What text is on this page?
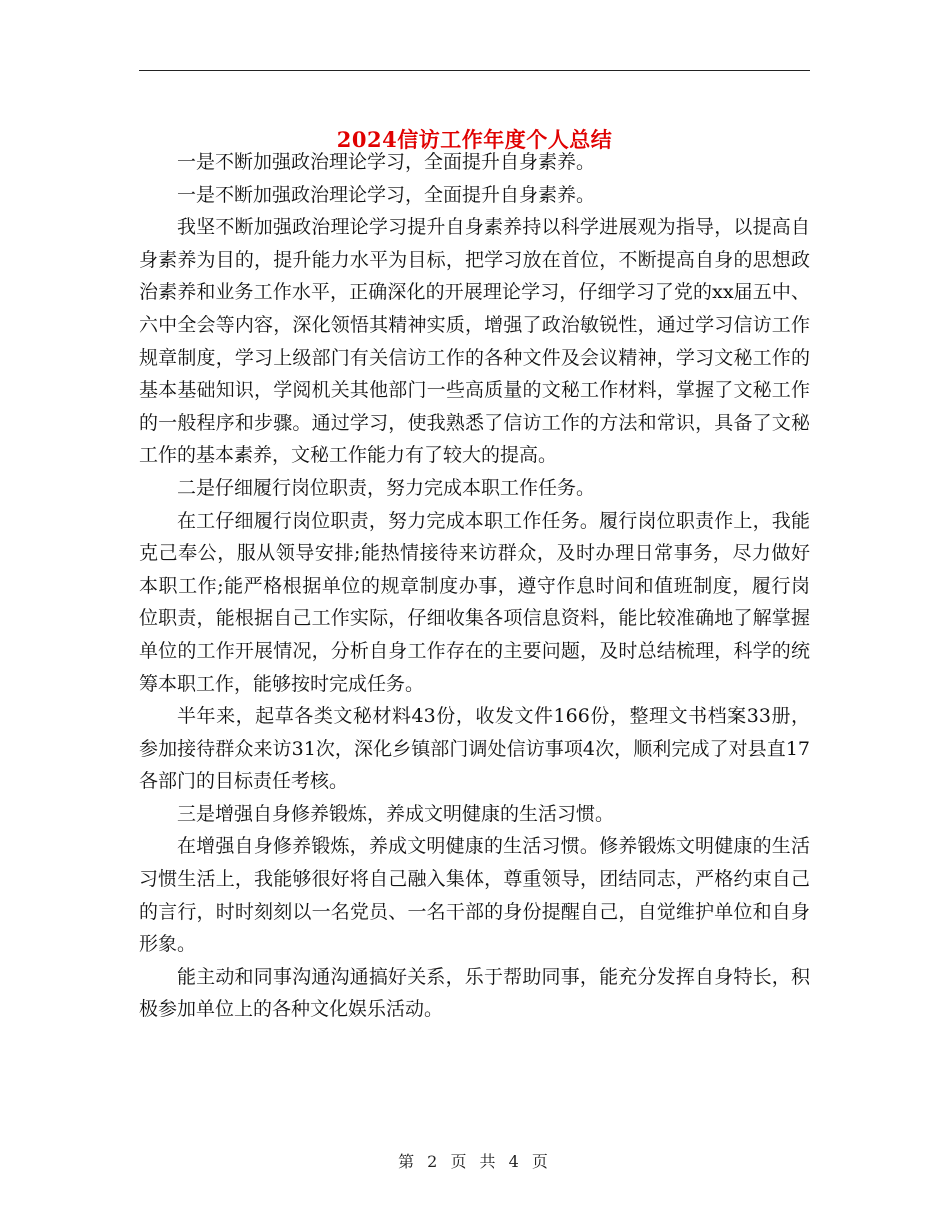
2024信访工作年度个人总结

一是不断加强政治理论学习，全面提升自身素养。

一是不断加强政治理论学习，全面提升自身素养。

我坚不断加强政治理论学习提升自身素养持以科学进展观为指导，以提高自身素养为目的，提升能力水平为目标，把学习放在首位，不断提高自身的思想政治素养和业务工作水平，正确深化的开展理论学习，仔细学习了党的xx届五中、六中全会等内容，深化领悟其精神实质，增强了政治敏锐性，通过学习信访工作规章制度，学习上级部门有关信访工作的各种文件及会议精神，学习文秘工作的基本基础知识，学阅机关其他部门一些高质量的文秘工作材料，掌握了文秘工作的一般程序和步骤。通过学习，使我熟悉了信访工作的方法和常识，具备了文秘工作的基本素养，文秘工作能力有了较大的提高。

二是仔细履行岗位职责，努力完成本职工作任务。

在工仔细履行岗位职责，努力完成本职工作任务。履行岗位职责作上，我能克己奉公，服从领导安排;能热情接待来访群众，及时办理日常事务，尽力做好本职工作;能严格根据单位的规章制度办事，遵守作息时间和值班制度，履行岗位职责，能根据自己工作实际，仔细收集各项信息资料，能比较准确地了解掌握单位的工作开展情况，分析自身工作存在的主要问题，及时总结梳理，科学的统筹本职工作，能够按时完成任务。

半年来，起草各类文秘材料43份，收发文件166份，整理文书档案33册，参加接待群众来访31次，深化乡镇部门调处信访事项4次，顺利完成了对县直17各部门的目标责任考核。

三是增强自身修养锻炼，养成文明健康的生活习惯。

在增强自身修养锻炼，养成文明健康的生活习惯。修养锻炼文明健康的生活习惯生活上，我能够很好将自己融入集体，尊重领导，团结同志，严格约束自己的言行，时时刻刻以一名党员、一名干部的身份提醒自己，自觉维护单位和自身形象。

能主动和同事沟通沟通搞好关系，乐于帮助同事，能充分发挥自身特长，积极参加单位上的各种文化娱乐活动。

第 2 页 共 4 页
